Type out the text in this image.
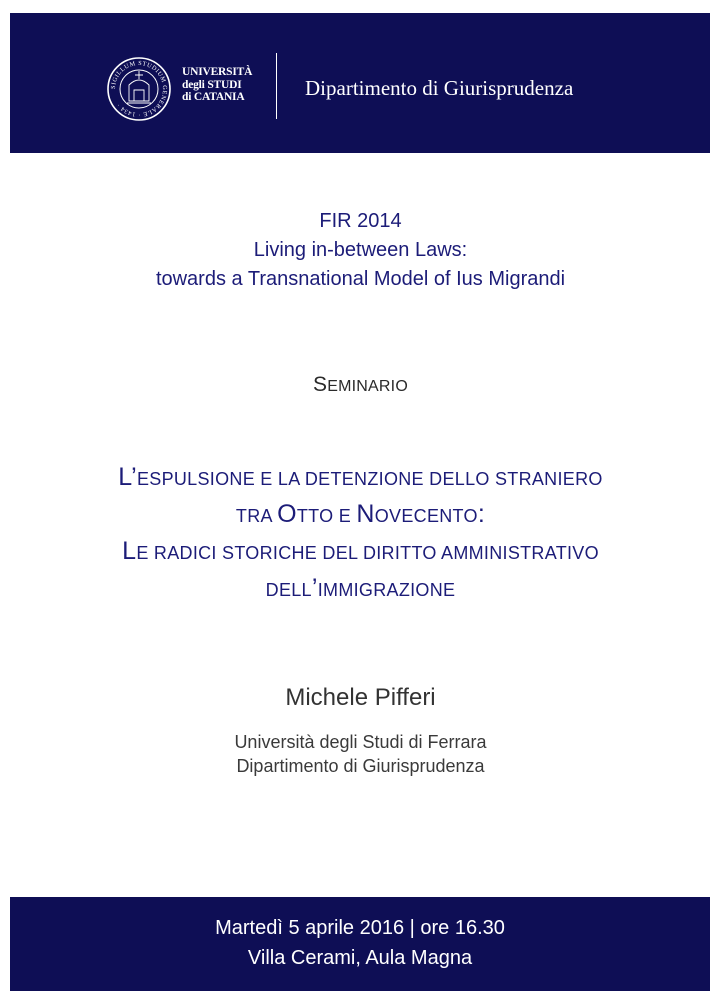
SIGILLUM STUDIUM GENERALE · 1434 ·
UNIVERSITÀ
degli STUDI
di CATANIA	Dipartimento di Giurisprudenza
FIR 2014
Living in-between Laws:
towards a Transnational Model of Ius Migrandi
SEMINARIO
L’ESPULSIONE E LA DETENZIONE DELLO STRANIERO
TRA OTTO E NOVECENTO:
LE RADICI STORICHE DEL DIRITTO AMMINISTRATIVO
DELL’IMMIGRAZIONE
Michele Pifferi
Università degli Studi di Ferrara
Dipartimento di Giurisprudenza
Martedì 5 aprile 2016 | ore 16.30
Villa Cerami, Aula Magna
